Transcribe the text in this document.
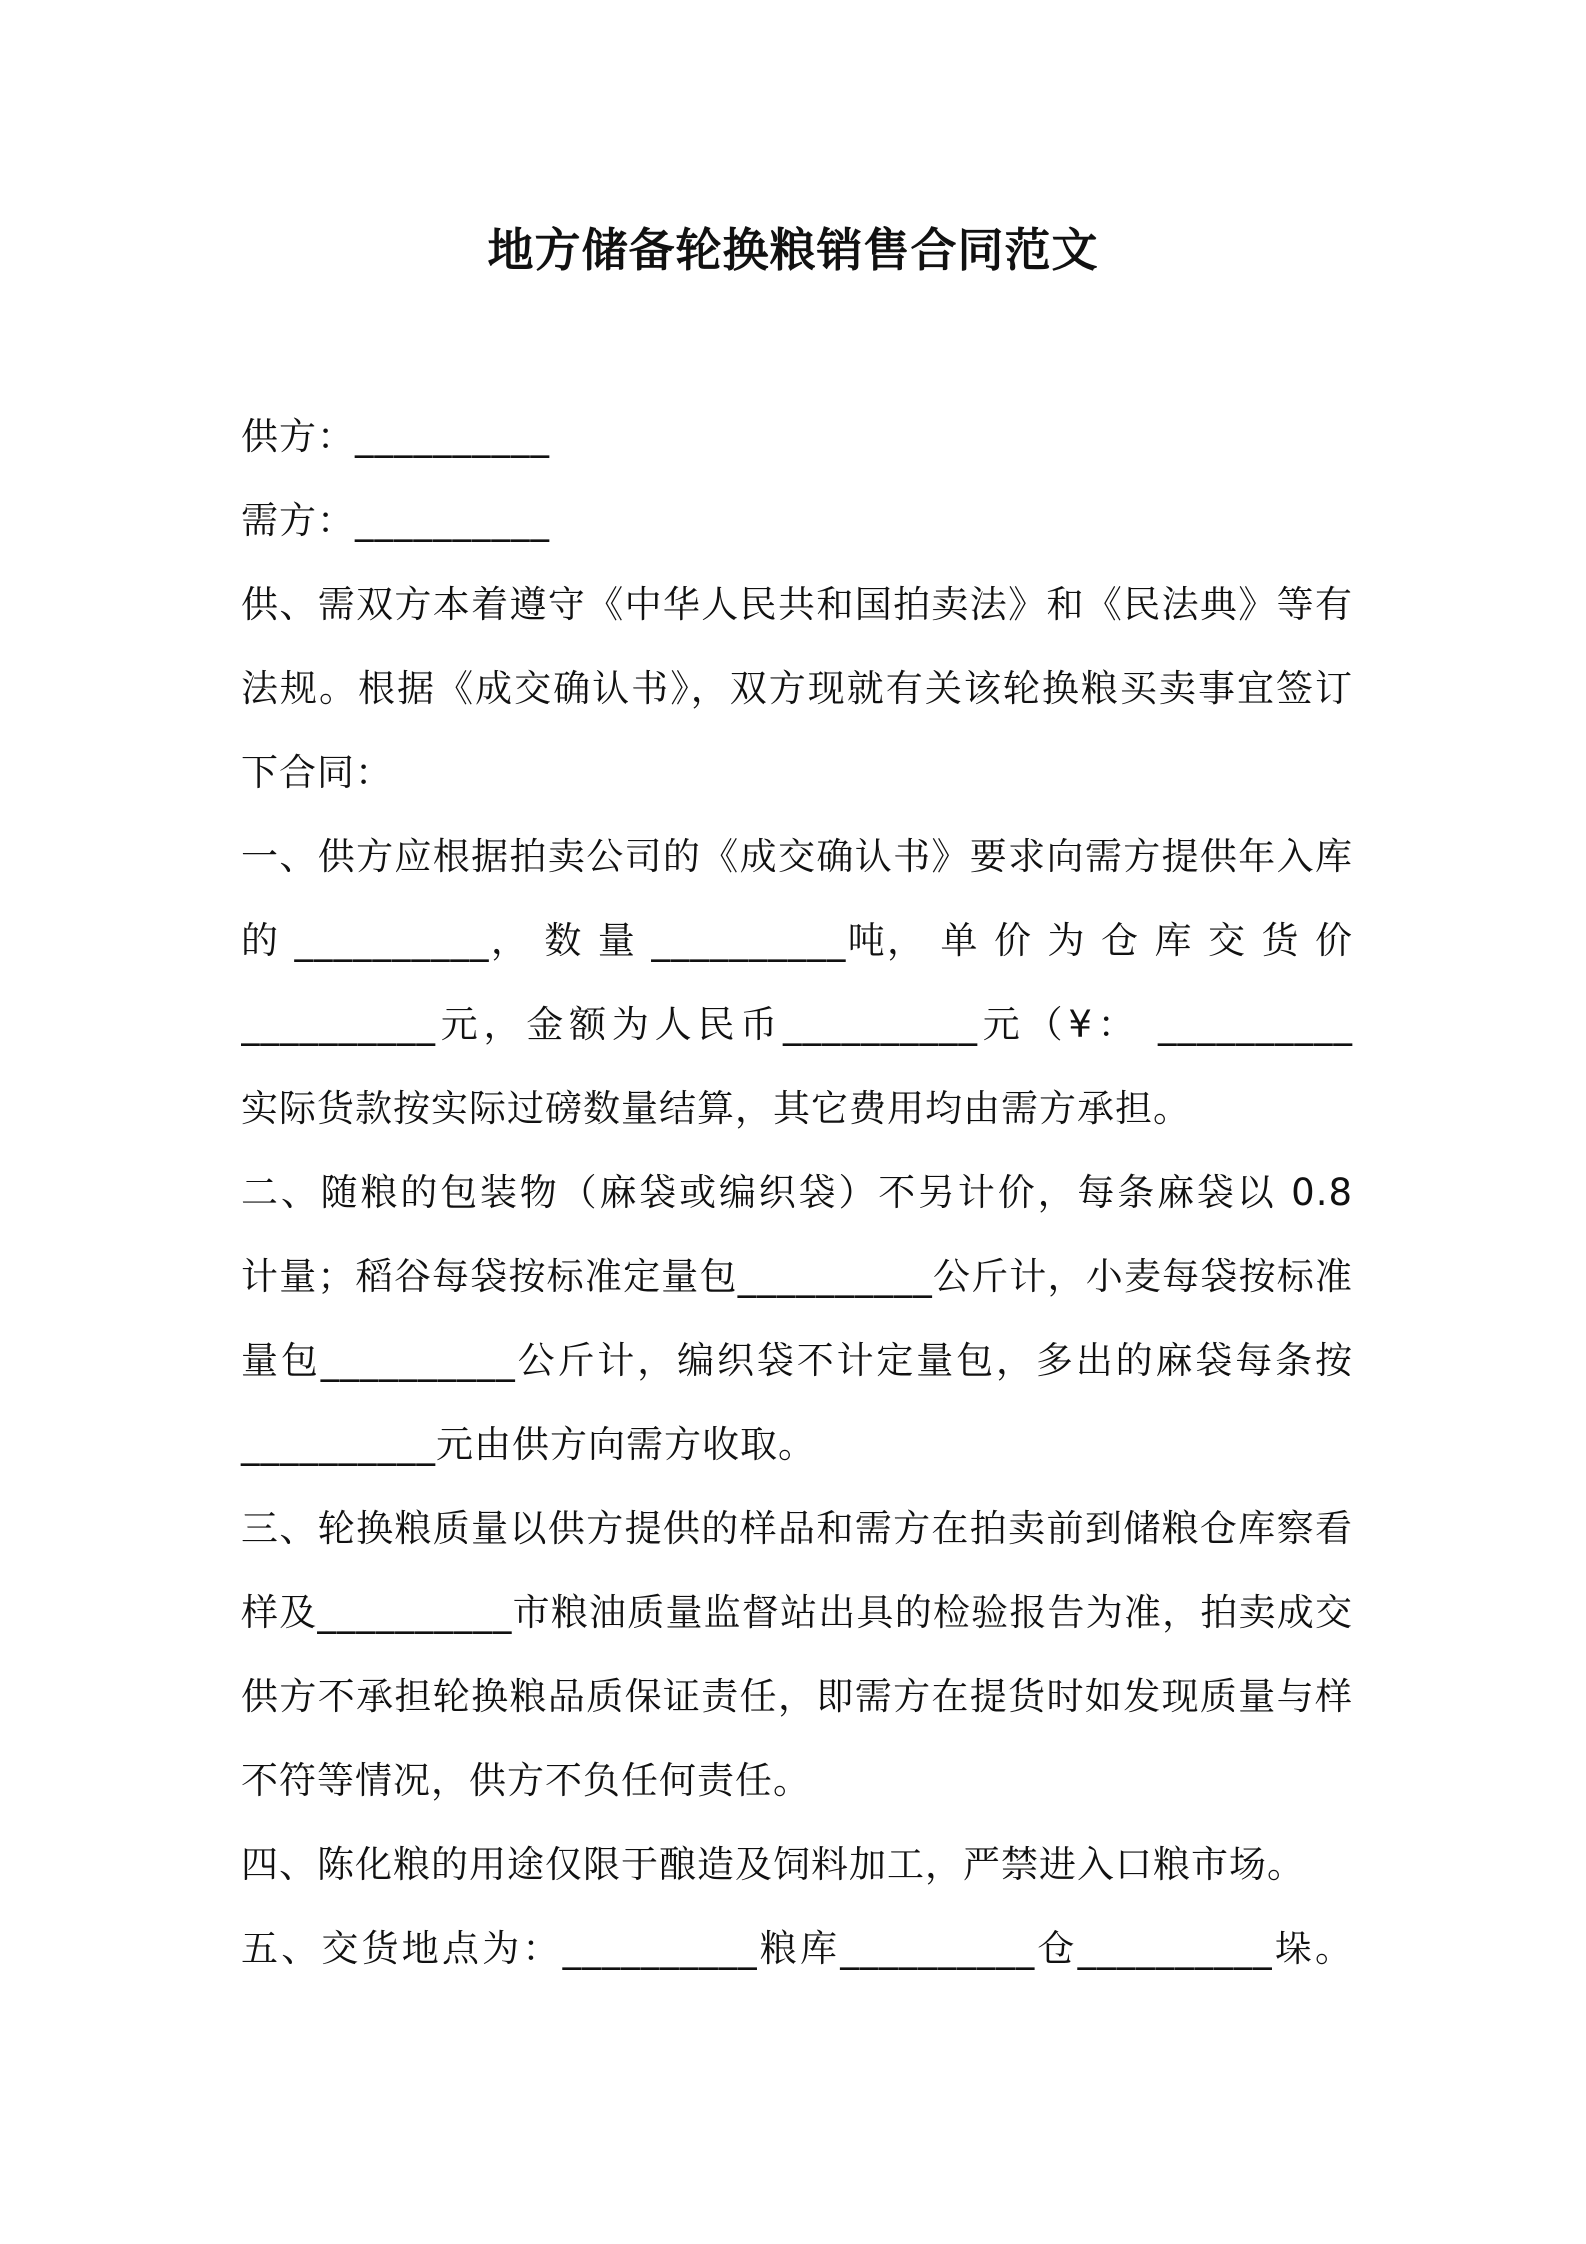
地方储备轮换粮销售合同范文
供方：__________
需方：__________
供、需双方本着遵守《中华人民共和国拍卖法》和《民法典》等有
法规。根据《成交确认书》，双方现就有关该轮换粮买卖事宜签订
下合同：
一、供方应根据拍卖公司的《成交确认书》要求向需方提供年入库
的 __________， 数 量 __________吨， 单 价 为 仓 库 交 货 价
__________元，金额为人民币__________元（¥： __________
实际货款按实际过磅数量结算，其它费用均由需方承担。
二、随粮的包装物（麻袋或编织袋）不另计价，每条麻袋以 0.8
计量；稻谷每袋按标准定量包__________公斤计，小麦每袋按标准
量包__________公斤计，编织袋不计定量包，多出的麻袋每条按
__________元由供方向需方收取。
三、轮换粮质量以供方提供的样品和需方在拍卖前到储粮仓库察看
样及__________市粮油质量监督站出具的检验报告为准，拍卖成交
供方不承担轮换粮品质保证责任，即需方在提货时如发现质量与样
不符等情况，供方不负任何责任。
四、陈化粮的用途仅限于酿造及饲料加工，严禁进入口粮市场。
五、交货地点为：__________粮库__________仓__________垛。
